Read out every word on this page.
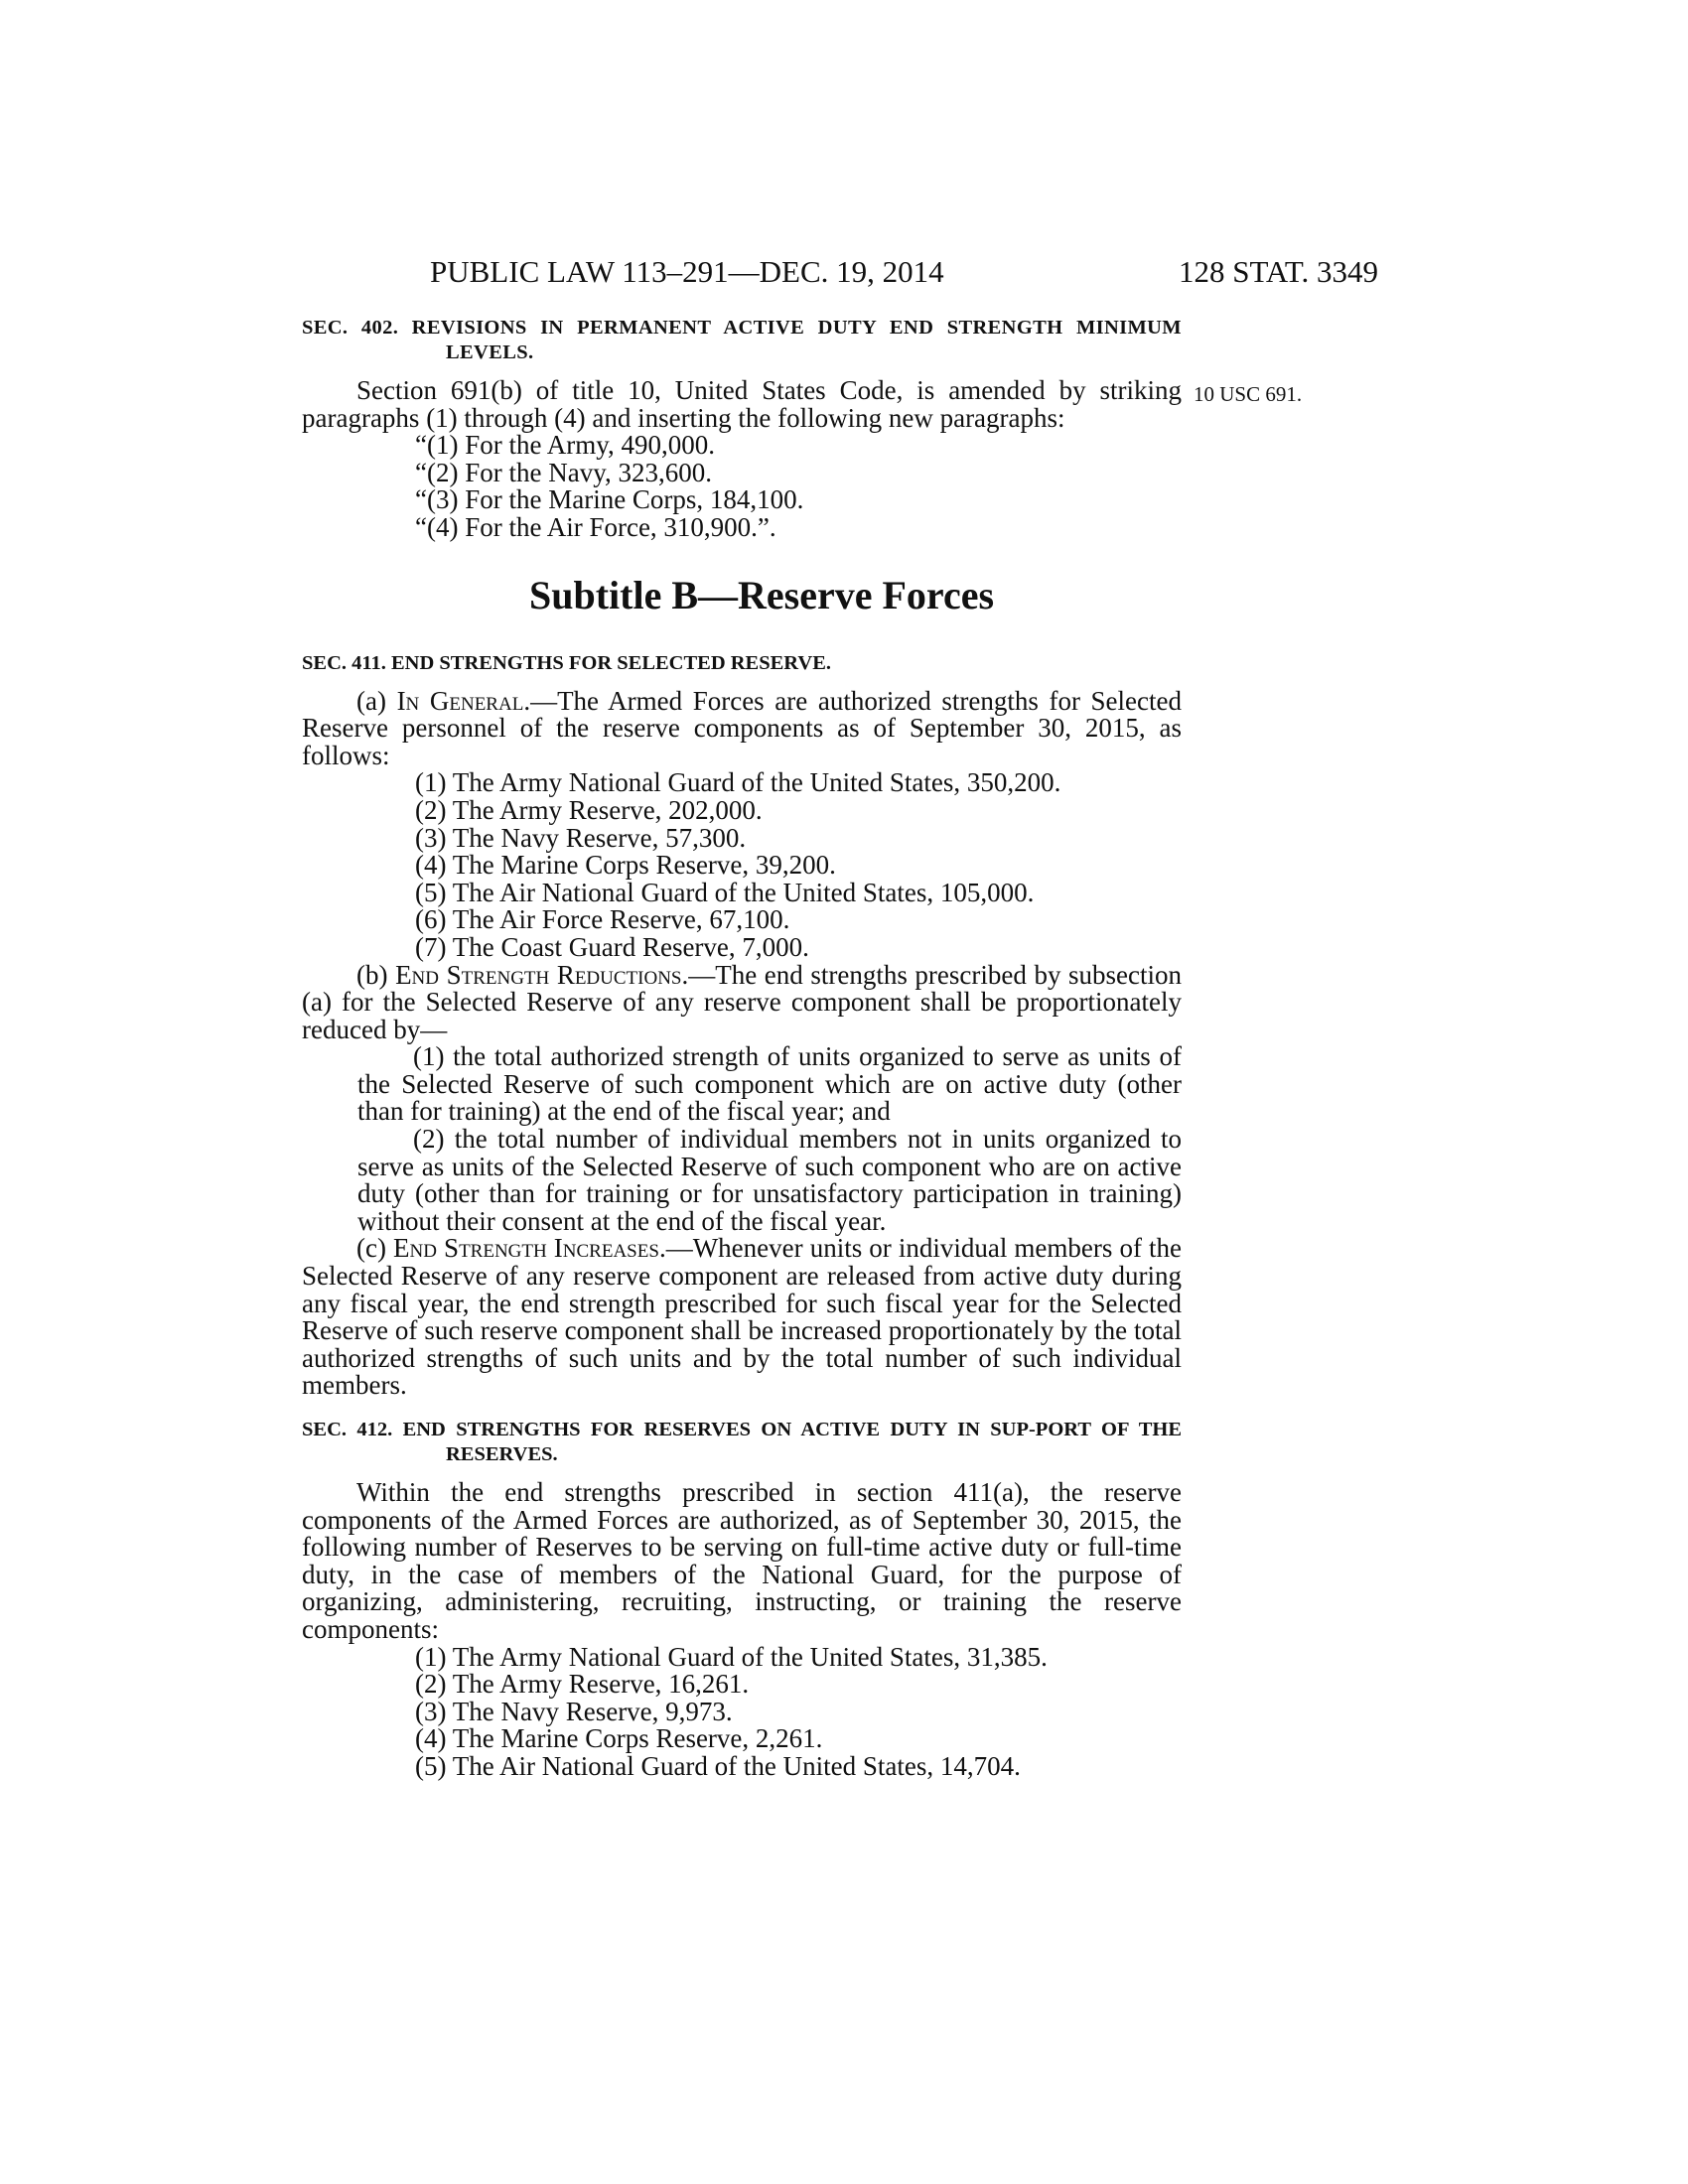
PUBLIC LAW 113–291—DEC. 19, 2014	128 STAT. 3349
10 USC 691.

SEC. 402. REVISIONS IN PERMANENT ACTIVE DUTY END STRENGTH MINIMUM LEVELS.

Section 691(b) of title 10, United States Code, is amended by striking paragraphs (1) through (4) and inserting the following new paragraphs:

“(1) For the Army, 490,000.

“(2) For the Navy, 323,600.

“(3) For the Marine Corps, 184,100.

“(4) For the Air Force, 310,900.”.

Subtitle B—Reserve Forces

SEC. 411. END STRENGTHS FOR SELECTED RESERVE.

(a) In General.—The Armed Forces are authorized strengths for Selected Reserve personnel of the reserve components as of September 30, 2015, as follows:

(1) The Army National Guard of the United States, 350,200.

(2) The Army Reserve, 202,000.

(3) The Navy Reserve, 57,300.

(4) The Marine Corps Reserve, 39,200.

(5) The Air National Guard of the United States, 105,000.

(6) The Air Force Reserve, 67,100.

(7) The Coast Guard Reserve, 7,000.

(b) End Strength Reductions.—The end strengths prescribed by subsection (a) for the Selected Reserve of any reserve component shall be proportionately reduced by—

(1) the total authorized strength of units organized to serve as units of the Selected Reserve of such component which are on active duty (other than for training) at the end of the fiscal year; and

(2) the total number of individual members not in units organized to serve as units of the Selected Reserve of such component who are on active duty (other than for training or for unsatisfactory participation in training) without their consent at the end of the fiscal year.

(c) End Strength Increases.—Whenever units or individual members of the Selected Reserve of any reserve component are released from active duty during any fiscal year, the end strength prescribed for such fiscal year for the Selected Reserve of such reserve component shall be increased proportionately by the total authorized strengths of such units and by the total number of such individual members.

SEC. 412. END STRENGTHS FOR RESERVES ON ACTIVE DUTY IN SUP-PORT OF THE RESERVES.

Within the end strengths prescribed in section 411(a), the reserve components of the Armed Forces are authorized, as of September 30, 2015, the following number of Reserves to be serving on full-time active duty or full-time duty, in the case of members of the National Guard, for the purpose of organizing, administering, recruiting, instructing, or training the reserve components:

(1) The Army National Guard of the United States, 31,385.

(2) The Army Reserve, 16,261.

(3) The Navy Reserve, 9,973.

(4) The Marine Corps Reserve, 2,261.

(5) The Air National Guard of the United States, 14,704.
